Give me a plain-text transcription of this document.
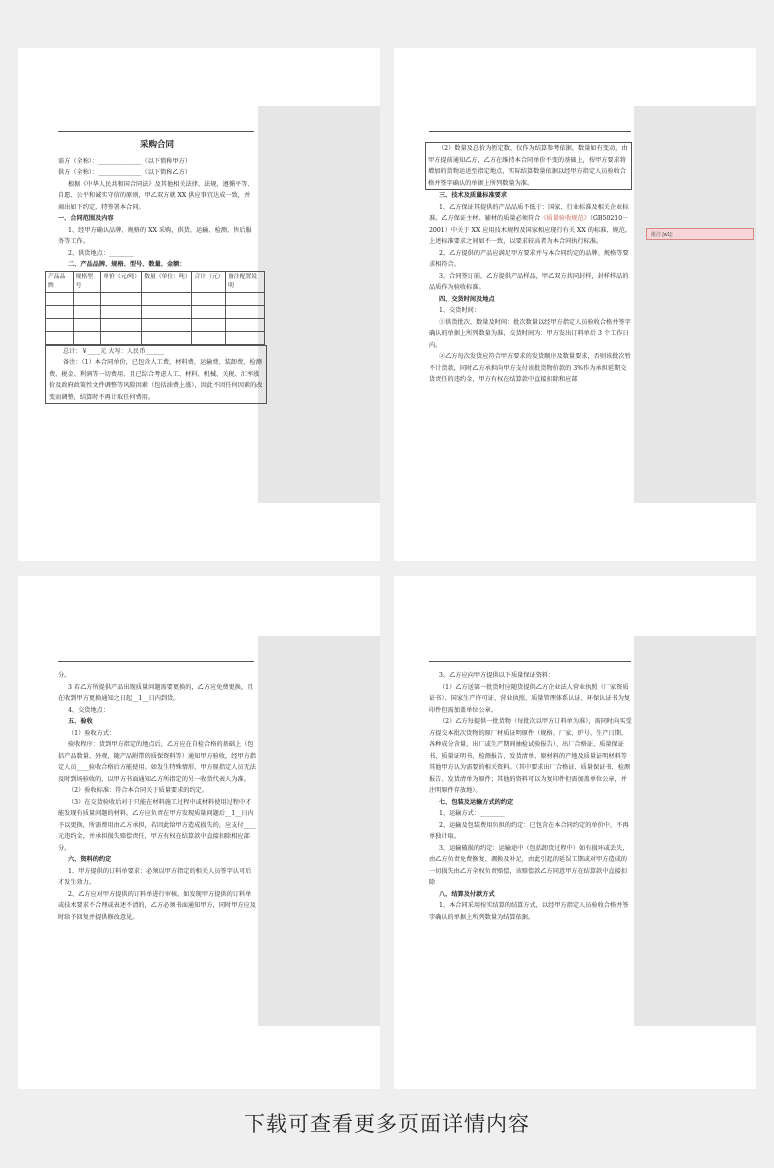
采购合同
需方（全称）：______________（以下简称甲方）
供方（全称）：______________（以下简称乙方）
根据《中华人民共和国合同法》及其他相关法律、法规，遵循平等、自愿、公平和诚实守信的原则，甲乙双方就 XX 供应事宜达成一致，并商出如下约定，特签署本合同。
一、合同范围及内容
1、经甲方确认品牌、规格的 XX 采购，供货、运输、检测、售后服务等工作。
2、供货地点：________
二、产品品牌、规格、型号、数量、金额：
产品品牌	规格型号	单价（元/吨）	数量（单位：吨）	合计（元）	备注配置说明

总计：￥____元 大写：人民币______
备注：（1）本合同单价，已包含人工费，材料费、运输费、装卸费、检测费、税金、利润等一切费用，且已综合考虑人工、材料、机械、关税、汇率涨价及政府政策性文件调整等风险因素（包括油费上涨），因此不因任何因素的改变而调整，结算时不再计取任何费用。
（2）数量及总价为暂定数，仅作为结算参考依据，数量如有变动，由甲方提前通知乙方，乙方在维持本合同单价不变的基础上，按甲方要求将增加的货物运送至指定地点，实际结算数量依据以经甲方指定人员验收合格并签字确认的单据上所列数量为准。
三、技术及质量标准要求
1、乙方保证其提供的产品品质不低于：国家、行业标准及相关企业标准。乙方保证主材、辅材的质量必须符合《质量验收规范》（GB50210－2001）中关于 XX 应用技术规程及国家相应现行有关 XX 的标准、规范。上述标准要求之间如不一致，以要求较高者为本合同执行标准。
2、乙方提供的产品应满足甲方要求并与本合同约定的品牌、规格等要求相符合。
3、合同签订前，乙方提供产品样品，甲乙双方共同封样，封样样品的品质作为验收标准。
四、交货时间及地点
1、交货时间：
①供货批次、数量及时间：批次数量以经甲方指定人员验收合格并签字确认的单据上所列数量为准，交货时间为：甲方发出订料单后 3 个工作日内。
②乙方每次发货应符合甲方要求的发货顺序及数量要求，否则该批次暂不计货款，同时乙方承担向甲方支付该批货物价款的 3%作为承担延期交货责任的违约金，甲方有权在结算款中直接扣除和应部
批注 [w1]:
分。
3 若乙方所提供产品出现质量问题需要更换的，乙方应免费更换，且在收到甲方更换通知之日起__1__日内到货。
4、交货地点：
五、验收
（1）验收方式：
验收程序：货到甲方指定的地点后，乙方应在自检合格的基础上（包括产品数量、外观、随产品附带的质保资料等）通知甲方验收，经甲方指定人员____验收合格后方能使用。如发生特殊情形，甲方原指定人员无法及时到场验收的，以甲方书面通知乙方所指定的另一收货代表人为准。
（2）验收标准：符合本合同关于质量要求的约定。
（3）在交货验收后对于只能在材料施工过程中或材料使用过程中才能发现有质量问题的材料，乙方应负责在甲方发现质量问题后__1__日内予以更换，所需费用由乙方承担，若因此给甲方造成损失的，应支付____元违约金，并承担损失赔偿责任，甲方有权在结算款中直接扣除相应部分。
六、资料的约定
1、甲方提供的订料单要求：必须以甲方指定的相关人员签字认可后才发生效力。
2、乙方应对甲方提供的订料单进行审核，如发现甲方提供的订料单或技术要求不合理或表述不清的，乙方必须书面通知甲方，同时甲方应及时给予回复并提供修改意见。
3、乙方应向甲方提供以下质量保证资料：
（1）乙方送第一批货时应随货提供乙方企业法人营业执照（厂家资质证书）、国家生产许可证、营业执照、质量管理体系认证、环保认证书为复印件但需加盖单位公章。
（2）乙方每提供一批货物（每批次以甲方订料单为准），需同时向买受方提交本批次货物的原厂材质证明原件（规格、厂家、炉号、生产日期、各种成分含量、出厂或生产期间抽检试验报告）、出厂合格证、质量保证书、质量证明书、检测报告、发货清单、原材料的产地及质量证明材料等其他甲方认为需要的相关资料。（其中要求出厂合格证、质量保证书、检测报告、发货清单为原件；其他的资料可以为复印件但需加盖单位公章，并注明原件存放地）。
七、包装及运输方式的约定
1、运输方式：________
2、运输及包装费用负担的约定：已包含在本合同约定的单价中，不再单独计取。
3、运输破损的约定：运输途中（包括卸货过程中）如有损坏或丢失，由乙方负责免费修复、调换及补足，由此引起的延误工期或对甲方造成的一切损失由乙方全权负责赔偿，该赔偿款乙方同意甲方在结算款中直接扣除
八、结算及付款方式
1、本合同采用按实结算的结算方式，以经甲方指定人员验收合格并签字确认的单据上所列数量为结算依据。
下载可查看更多页面详情内容
